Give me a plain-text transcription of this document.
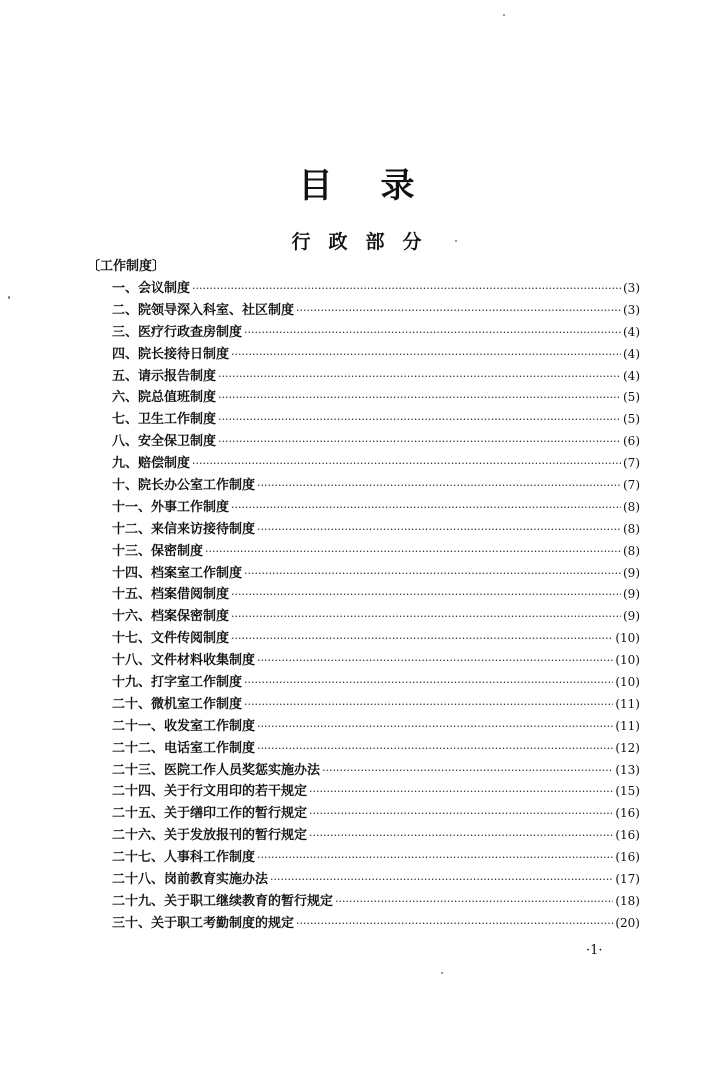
目录
行政部分
〔工作制度〕
一、会议制度 ·····	(3)
二、院领导深入科室、社区制度 ·····	(3)
三、医疗行政查房制度 ·····	(4)
四、院长接待日制度 ·····	(4)
五、请示报告制度 ·····	(4)
六、院总值班制度 ·····	(5)
七、卫生工作制度 ·····	(5)
八、安全保卫制度 ·····	(6)
九、赔偿制度 ·····	(7)
十、院长办公室工作制度 ·····	(7)
十一、外事工作制度 ·····	(8)
十二、来信来访接待制度 ·····	(8)
十三、保密制度 ·····	(8)
十四、档案室工作制度 ·····	(9)
十五、档案借阅制度 ·····	(9)
十六、档案保密制度 ·····	(9)
十七、文件传阅制度 ·····	(10)
十八、文件材料收集制度 ·····	(10)
十九、打字室工作制度 ·····	(10)
二十、微机室工作制度 ·····	(11)
二十一、收发室工作制度 ·····	(11)
二十二、电话室工作制度 ·····	(12)
二十三、医院工作人员奖惩实施办法 ·····	(13)
二十四、关于行文用印的若干规定 ·····	(15)
二十五、关于缮印工作的暂行规定 ·····	(16)
二十六、关于发放报刊的暂行规定 ·····	(16)
二十七、人事科工作制度 ·····	(16)
二十八、岗前教育实施办法 ·····	(17)
二十九、关于职工继续教育的暂行规定 ·····	(18)
三十、关于职工考勤制度的规定 ·····	(20)
·1·
